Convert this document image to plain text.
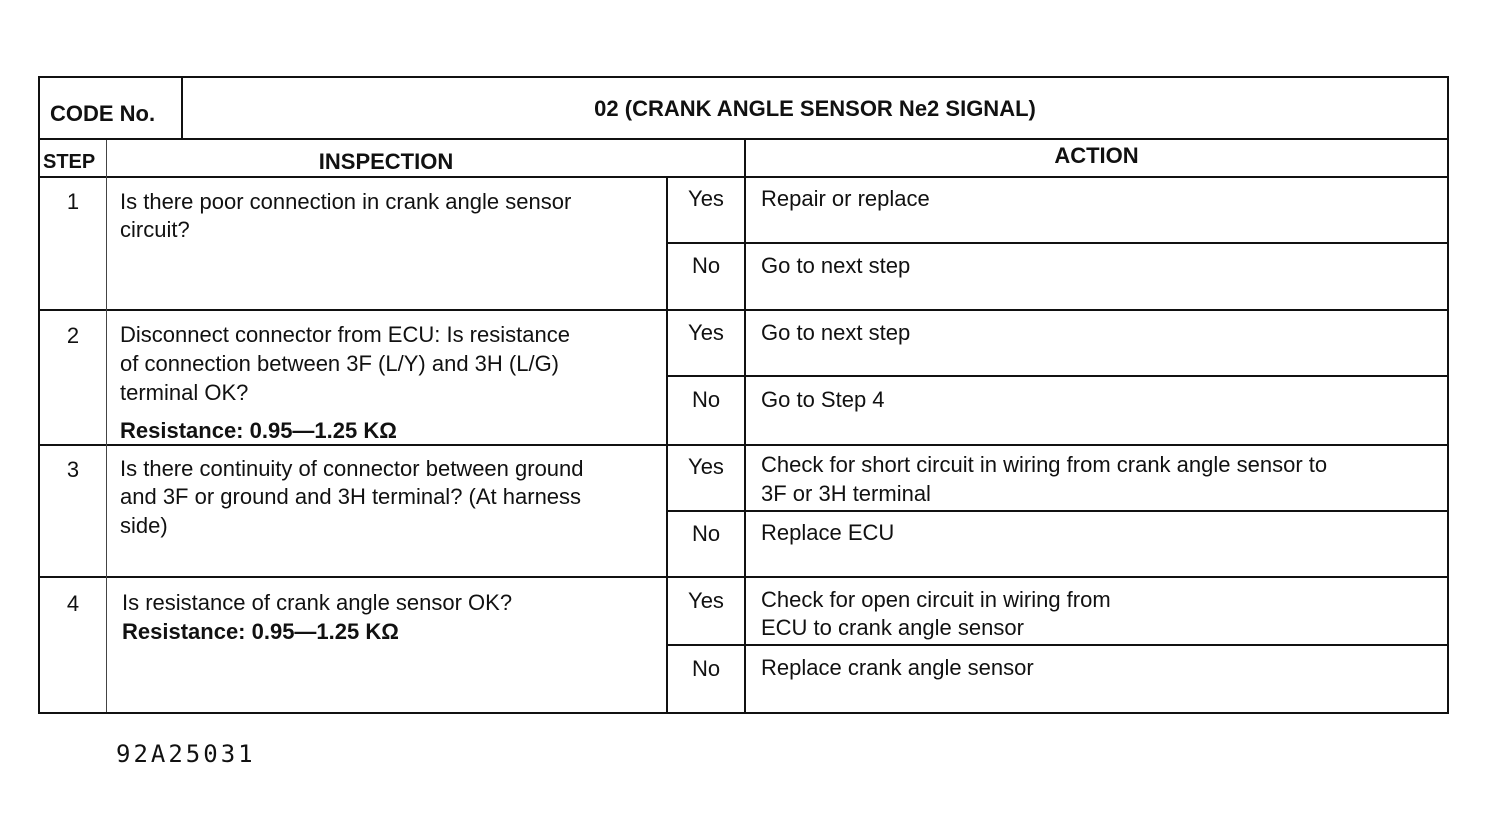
CODE No.	02 (CRANK ANGLE SENSOR Ne2 SIGNAL)
STEP	INSPECTION	ACTION
1	Is there poor connection in crank angle sensor
circuit?
Yes	Repair or replace
No	Go to next step
2	Disconnect connector from ECU: Is resistance
of connection between 3F (L/Y) and 3H (L/G)
terminal OK?
Resistance: 0.95—1.25 KΩ
Yes	Go to next step
No	Go to Step 4
3	Is there continuity of connector between ground
and 3F or ground and 3H terminal? (At harness
side)
Yes	Check for short circuit in wiring from crank angle sensor to
3F or 3H terminal
No	Replace ECU
4	Is resistance of crank angle sensor OK?
Resistance: 0.95—1.25 KΩ
Yes	Check for open circuit in wiring from
ECU to crank angle sensor
No	Replace crank angle sensor
92A25031
